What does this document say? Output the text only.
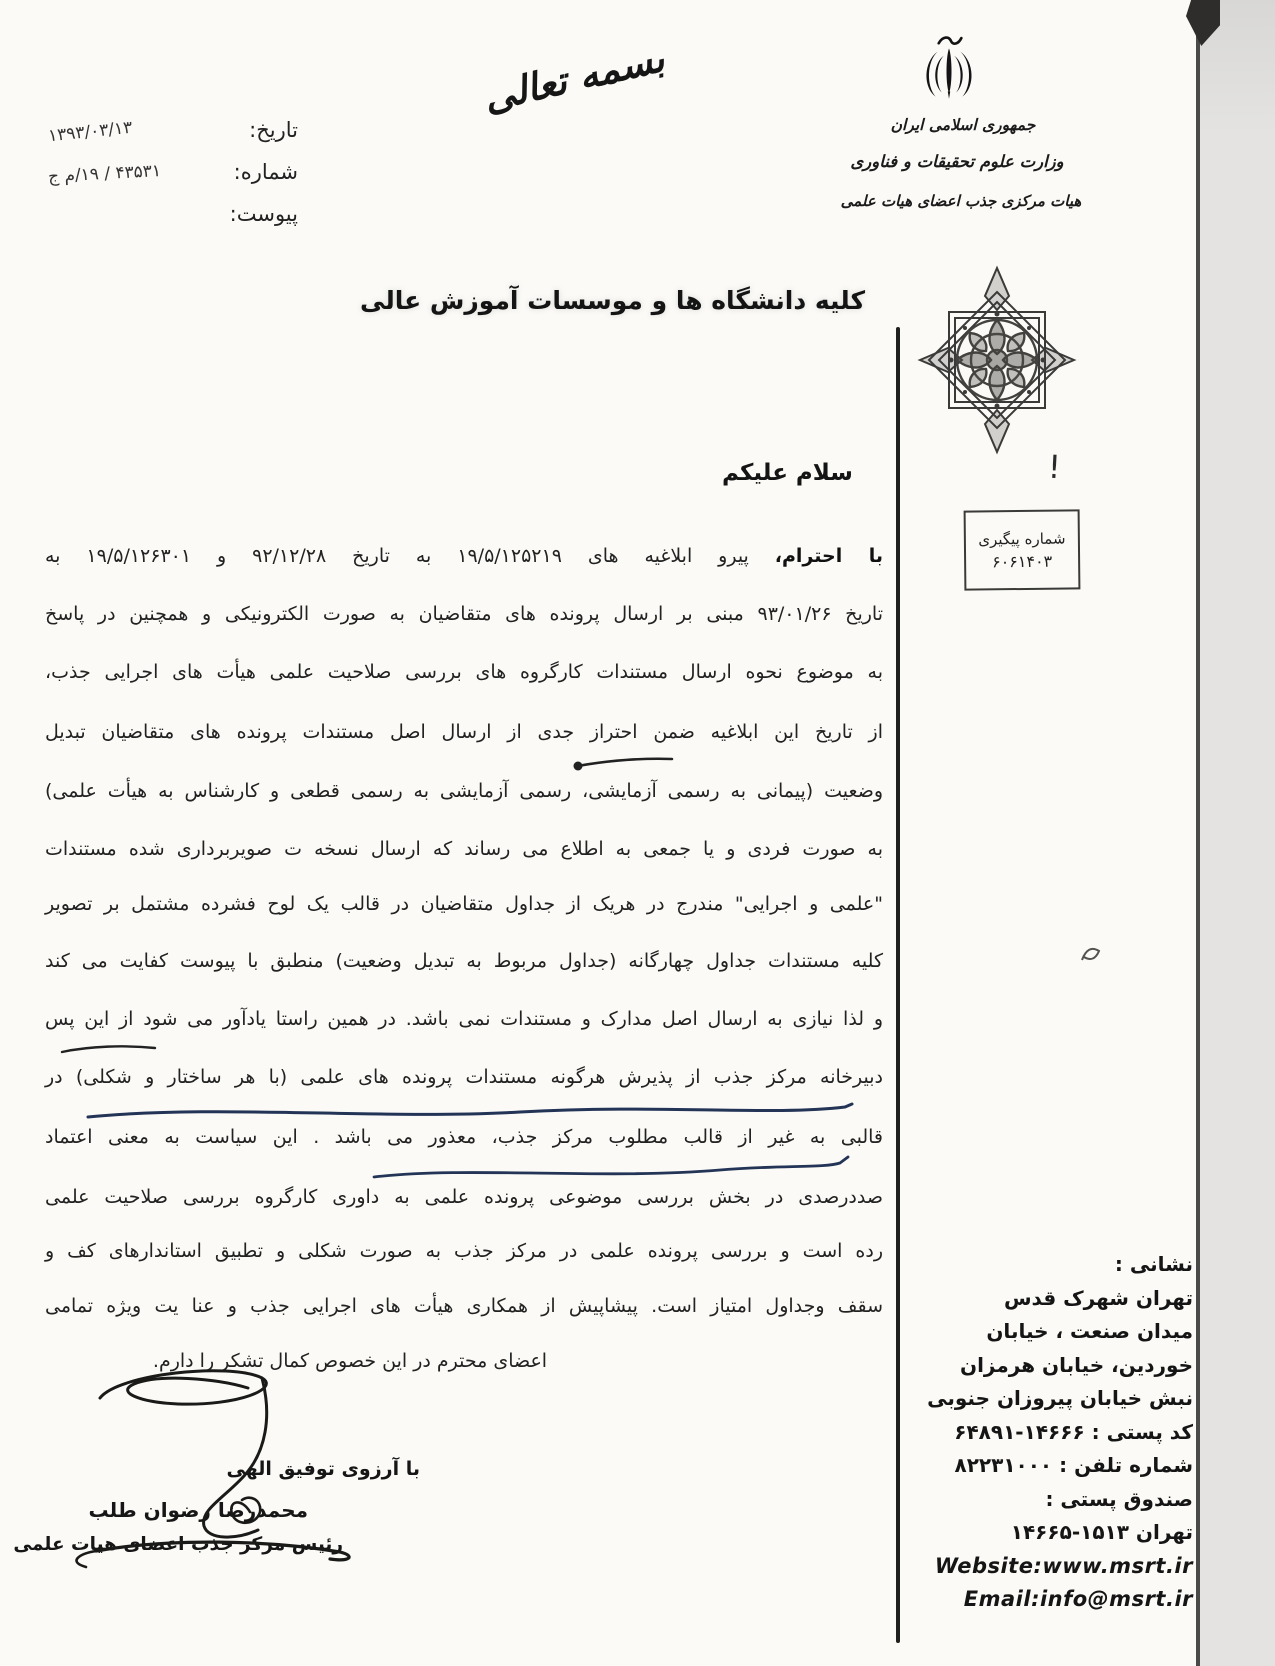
تاریخ:
۱۳۹۳/۰۳/۱۳
شماره:
۴۳۵۳۱ / ۱۹/م ج
پیوست:
بسمه تعالی
جمهوری اسلامی ایران
وزارت علوم تحقیقات و فناوری
هیات مرکزی جذب اعضای هیات علمی
کلیه دانشگاه ها و موسسات آموزش عالی
!
سلام علیکم
شماره پیگیری
۶۰۶۱۴۰۳
با احترام، پیرو ابلاغیه های ۱۹/۵/۱۲۵۲۱۹ به تاریخ ۹۲/۱۲/۲۸ و ۱۹/۵/۱۲۶۳۰۱ به
تاریخ ۹۳/۰۱/۲۶ مبنی بر ارسال پرونده های متقاضیان به صورت الکترونیکی و همچنین در پاسخ
به موضوع نحوه ارسال مستندات کارگروه های بررسی صلاحیت علمی هیأت های اجرایی جذب،
از تاریخ این ابلاغیه ضمن احتراز جدی از ارسال اصل مستندات پرونده های متقاضیان تبدیل
وضعیت (پیمانی به رسمی آزمایشی، رسمی آزمایشی به رسمی قطعی و کارشناس به هیأت علمی)
به صورت فردی و یا جمعی به اطلاع می رساند که ارسال نسخه ت صویربرداری شده مستندات
"علمی و اجرایی" مندرج در هریک از جداول متقاضیان در قالب یک لوح فشرده مشتمل بر تصویر
کلیه مستندات جداول چهارگانه (جداول مربوط به تبدیل وضعیت) منطبق با پیوست کفایت می کند
و لذا نیازی به ارسال اصل مدارک و مستندات نمی باشد. در همین راستا یادآور می شود از این پس
دبیرخانه مرکز جذب از پذیرش هرگونه مستندات پرونده های علمی (با هر ساختار و شکلی) در
قالبی به غیر از قالب مطلوب مرکز جذب، معذور می باشد . این سیاست به معنی اعتماد
صددرصدی در بخش بررسی موضوعی پرونده علمی به داوری کارگروه بررسی صلاحیت علمی
رده است و بررسی پرونده علمی در مرکز جذب به صورت شکلی و تطبیق استاندارهای کف و
سقف وجداول امتیاز است. پیشاپیش از همکاری هیأت های اجرایی جذب و عنا یت ویژه تمامی
اعضای محترم در این خصوص کمال تشکر را دارم.
با آرزوی توفیق الهی
محمدرضا رضوان طلب
رئیس مرکز جذب اعضای هیات علمی
نشانی :
تهران شهرک قدس
میدان صنعت ، خیابان
خوردین، خیابان هرمزان
نبش خیابان پیروزان جنوبی
کد پستی : ۱۴۶۶۶-۶۴۸۹۱
شماره تلفن : ۸۲۲۳۱۰۰۰
صندوق پستی :
تهران ۱۵۱۳-۱۴۶۶۵
Website:www.msrt.ir
Email:info@msrt.ir
